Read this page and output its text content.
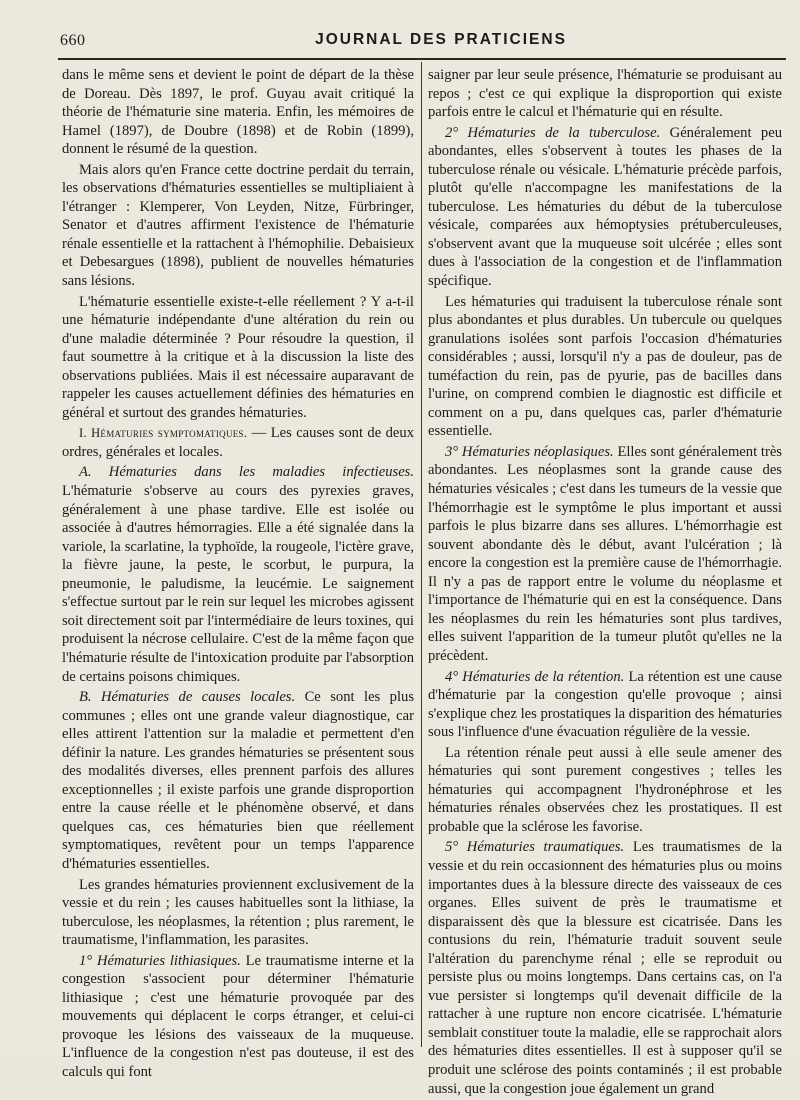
660	JOURNAL DES PRATICIENS

dans le même sens et devient le point de départ de la thèse de Doreau. Dès 1897, le prof. Guyau avait critiqué la théorie de l'hématurie sine materia. Enfin, les mémoires de Hamel (1897), de Doubre (1898) et de Robin (1899), donnent le résumé de la question.

Mais alors qu'en France cette doctrine perdait du terrain, les observations d'hématuries essentielles se multipliaient à l'étranger : Klemperer, Von Leyden, Nitze, Fürbringer, Senator et d'autres affirment l'existence de l'hématurie rénale essentielle et la rattachent à l'hémophilie. Debaisieux et Debesargues (1898), publient de nouvelles hématuries sans lésions.

L'hématurie essentielle existe-t-elle réellement ? Y a-t-il une hématurie indépendante d'une altération du rein ou d'une maladie déterminée ? Pour résoudre la question, il faut soumettre à la critique et à la discussion la liste des observations publiées. Mais il est nécessaire auparavant de rappeler les causes actuellement définies des hématuries en général et surtout des grandes hématuries.

I. Hématuries symptomatiques. — Les causes sont de deux ordres, générales et locales.

A. Hématuries dans les maladies infectieuses. L'hématurie s'observe au cours des pyrexies graves, généralement à une phase tardive. Elle est isolée ou associée à d'autres hémorragies. Elle a été signalée dans la variole, la scarlatine, la typhoïde, la rougeole, l'ictère grave, la fièvre jaune, la peste, le scorbut, le purpura, la pneumonie, le paludisme, la leucémie. Le saignement s'effectue surtout par le rein sur lequel les microbes agissent soit directement soit par l'intermédiaire de leurs toxines, qui produisent la nécrose cellulaire. C'est de la même façon que l'hématurie résulte de l'intoxication produite par l'absorption de certains poisons chimiques.

B. Hématuries de causes locales. Ce sont les plus communes ; elles ont une grande valeur diagnostique, car elles attirent l'attention sur la maladie et permettent d'en définir la nature. Les grandes hématuries se présentent sous des modalités diverses, elles prennent parfois des allures exceptionnelles ; il existe parfois une grande disproportion entre la cause réelle et le phénomène observé, et dans quelques cas, ces hématuries bien que réellement symptomatiques, revêtent pour un temps l'apparence d'hématuries essentielles.

Les grandes hématuries proviennent exclusivement de la vessie et du rein ; les causes habituelles sont la lithiase, la tuberculose, les néoplasmes, la rétention ; plus rarement, le traumatisme, l'inflammation, les parasites.

1° Hématuries lithiasiques. Le traumatisme interne et la congestion s'associent pour déterminer l'hématurie lithiasique ; c'est une hématurie provoquée par des mouvements qui déplacent le corps étranger, et celui-ci provoque les lésions des vaisseaux de la muqueuse. L'influence de la congestion n'est pas douteuse, il est des calculs qui font

saigner par leur seule présence, l'hématurie se produisant au repos ; c'est ce qui explique la disproportion qui existe parfois entre le calcul et l'hématurie qui en résulte.

2° Hématuries de la tuberculose. Généralement peu abondantes, elles s'observent à toutes les phases de la tuberculose rénale ou vésicale. L'hématurie précède parfois, plutôt qu'elle n'accompagne les manifestations de la tuberculose. Les hématuries du début de la tuberculose vésicale, comparées aux hémoptysies prétuberculeuses, s'observent avant que la muqueuse soit ulcérée ; elles sont dues à l'association de la congestion et de l'inflammation spécifique.

Les hématuries qui traduisent la tuberculose rénale sont plus abondantes et plus durables. Un tubercule ou quelques granulations isolées sont parfois l'occasion d'hématuries considérables ; aussi, lorsqu'il n'y a pas de douleur, pas de tuméfaction du rein, pas de pyurie, pas de bacilles dans l'urine, on comprend combien le diagnostic est difficile et comment on a pu, dans quelques cas, parler d'hématurie essentielle.

3° Hématuries néoplasiques. Elles sont généralement très abondantes. Les néoplasmes sont la grande cause des hématuries vésicales ; c'est dans les tumeurs de la vessie que l'hémorrhagie est le symptôme le plus important et aussi parfois le plus bizarre dans ses allures. L'hémorrhagie est souvent abondante dès le début, avant l'ulcération ; là encore la congestion est la première cause de l'hémorrhagie. Il n'y a pas de rapport entre le volume du néoplasme et l'importance de l'hématurie qui en est la conséquence. Dans les néoplasmes du rein les hématuries sont plus tardives, elles suivent l'apparition de la tumeur plutôt qu'elles ne la précèdent.

4° Hématuries de la rétention. La rétention est une cause d'hématurie par la congestion qu'elle provoque ; ainsi s'explique chez les prostatiques la disparition des hématuries sous l'influence d'une évacuation régulière de la vessie.

La rétention rénale peut aussi à elle seule amener des hématuries qui sont purement congestives ; telles les hématuries qui accompagnent l'hydronéphrose et les hématuries rénales observées chez les prostatiques. Il est probable que la sclérose les favorise.

5° Hématuries traumatiques. Les traumatismes de la vessie et du rein occasionnent des hématuries plus ou moins importantes dues à la blessure directe des vaisseaux de ces organes. Elles suivent de près le traumatisme et disparaissent dès que la blessure est cicatrisée. Dans les contusions du rein, l'hématurie traduit souvent seule l'altération du parenchyme rénal ; elle se reproduit ou persiste plus ou moins longtemps. Dans certains cas, on l'a vue persister si longtemps qu'il devenait difficile de la rattacher à une rupture non encore cicatrisée. L'hématurie semblait constituer toute la maladie, elle se rapprochait alors des hématuries dites essentielles. Il est à supposer qu'il se produit une sclérose des points contaminés ; il est probable aussi, que la congestion joue également un grand
